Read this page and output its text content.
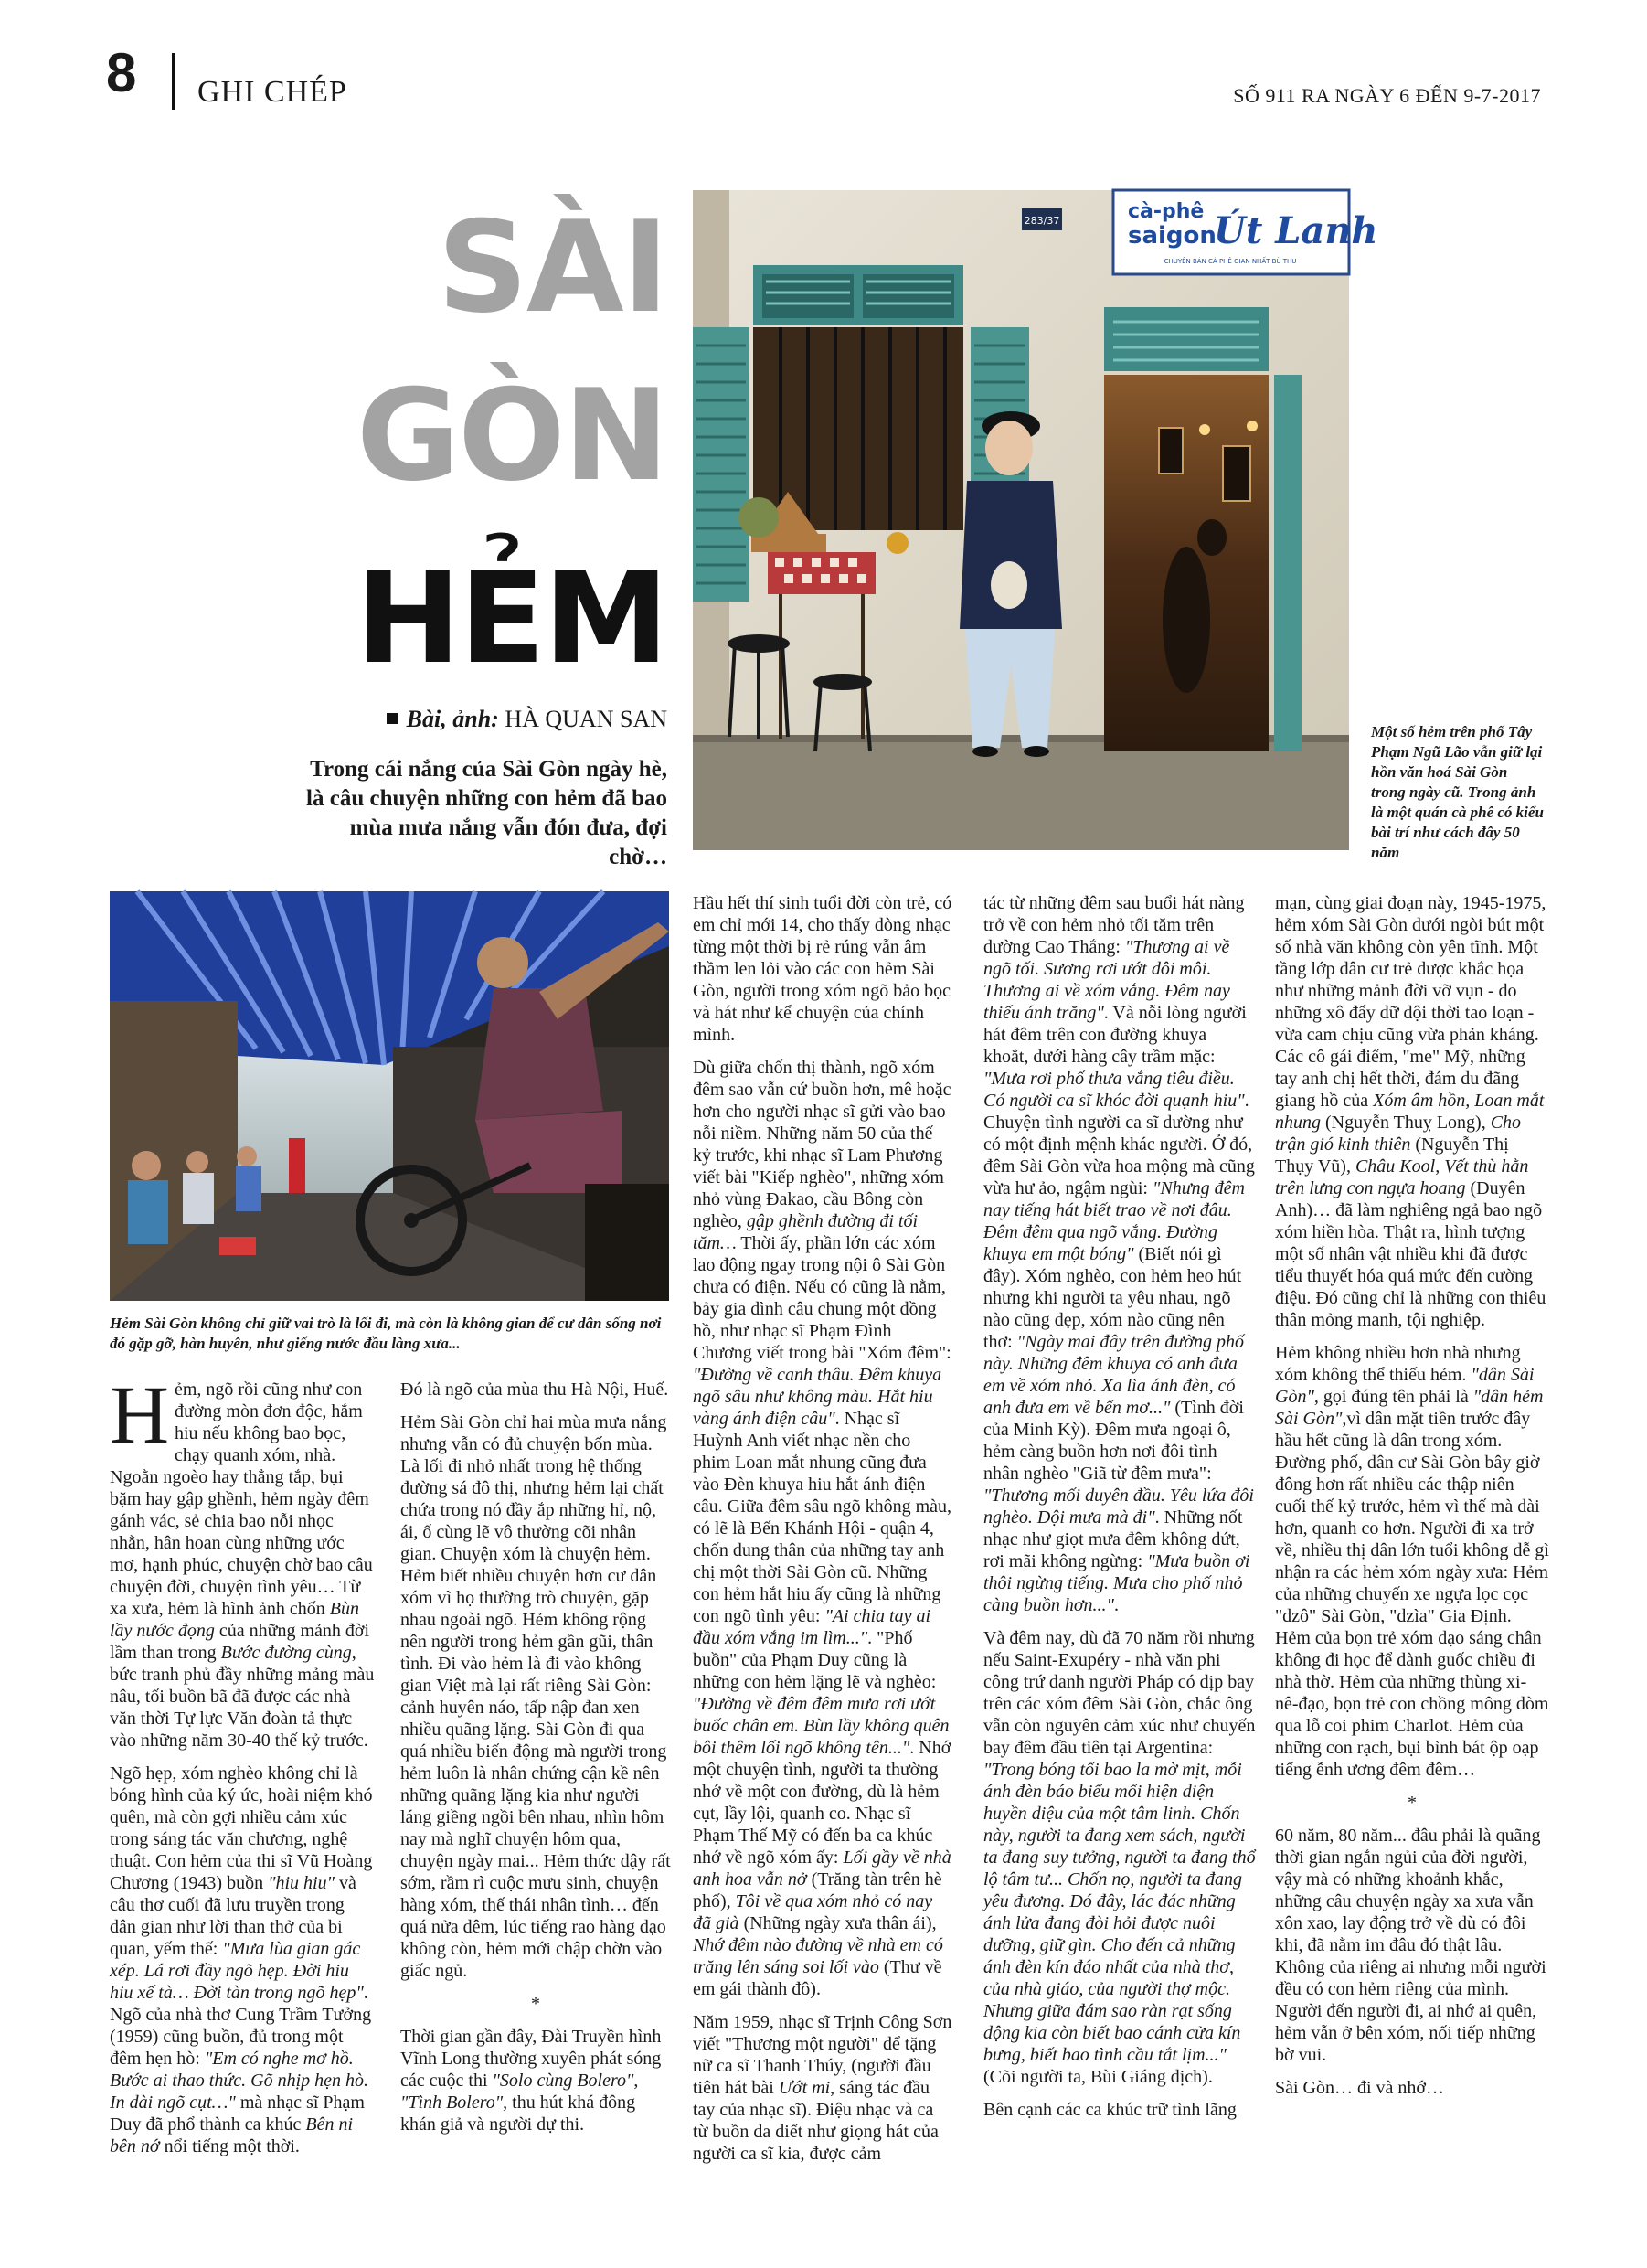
8 GHI CHÉP	SỐ 911 RA NGÀY 6 ĐẾN 9-7-2017
SÀI
GÒN
HẺM
Bài, ảnh: HÀ QUAN SAN
Trong cái nắng của Sài Gòn ngày hè, là câu chuyện những con hẻm đã bao mùa mưa nắng vẫn đón đưa, đợi chờ…
283/37	cà-phê
saigon
Út Lanh
CHUYÊN BÁN CÀ PHÊ GIAN NHẤT BÙ THU
Một số hẻm trên phố Tây Phạm Ngũ Lão vẫn giữ lại hồn văn hoá Sài Gòn trong ngày cũ. Trong ảnh là một quán cà phê có kiểu bài trí như cách đây 50 năm
Hẻm Sài Gòn không chỉ giữ vai trò là lối đi, mà còn là không gian để cư dân sống nơi đó gặp gỡ, hàn huyên, như giếng nước đầu làng xưa...

Hẻm, ngõ rồi cũng như con đường mòn đơn độc, hắm hiu nếu không bao bọc, chạy quanh xóm, nhà. Ngoằn ngoèo hay thẳng tắp, bụi bặm hay gập ghềnh, hẻm ngày đêm gánh vác, sẻ chia bao nỗi nhọc nhằn, hân hoan cùng những ước mơ, hạnh phúc, chuyện chờ bao câu chuyện đời, chuyện tình yêu… Từ xa xưa, hẻm là hình ảnh chốn Bùn lầy nước đọng của những mảnh đời lầm than trong Bước đường cùng, bức tranh phủ đầy những mảng màu nâu, tối buồn bã đã được các nhà văn thời Tự lực Văn đoàn tả thực vào những năm 30-40 thế kỷ trước.

Ngõ hẹp, xóm nghèo không chỉ là bóng hình của ký ức, hoài niệm khó quên, mà còn gợi nhiều cảm xúc trong sáng tác văn chương, nghệ thuật. Con hẻm của thi sĩ Vũ Hoàng Chương (1943) buồn "hiu hiu" và câu thơ cuối đã lưu truyền trong dân gian như lời than thở của bi quan, yếm thế: "Mưa lùa gian gác xép. Lá rơi đầy ngõ hẹp. Đời hiu hiu xế tà… Đời tàn trong ngõ hẹp". Ngõ của nhà thơ Cung Trầm Tưởng (1959) cũng buồn, đủ trong một đêm hẹn hò: "Em có nghe mơ hồ. Bước ai thao thức. Gõ nhịp hẹn hò. In dài ngõ cụt…" mà nhạc sĩ Phạm Duy đã phổ thành ca khúc Bên ni bên nớ nổi tiếng một thời.

Đó là ngõ của mùa thu Hà Nội, Huế.

Hẻm Sài Gòn chỉ hai mùa mưa nắng nhưng vẫn có đủ chuyện bốn mùa. Là lối đi nhỏ nhất trong hệ thống đường sá đô thị, nhưng hẻm lại chất chứa trong nó đầy ắp những hỉ, nộ, ái, ố cùng lẽ vô thường cõi nhân gian. Chuyện xóm là chuyện hẻm. Hẻm biết nhiều chuyện hơn cư dân xóm vì họ thường trò chuyện, gặp nhau ngoài ngõ. Hẻm không rộng nên người trong hẻm gần gũi, thân tình. Đi vào hẻm là đi vào không gian Việt mà lại rất riêng Sài Gòn: cảnh huyên náo, tấp nập đan xen nhiều quãng lặng. Sài Gòn đi qua quá nhiều biến động mà người trong hẻm luôn là nhân chứng cận kề nên những quãng lặng kia như người láng giềng ngồi bên nhau, nhìn hôm nay mà nghĩ chuyện hôm qua, chuyện ngày mai... Hẻm thức dậy rất sớm, rầm rì cuộc mưu sinh, chuyện hàng xóm, thế thái nhân tình… đến quá nửa đêm, lúc tiếng rao hàng dạo không còn, hẻm mới chập chờn vào giấc ngủ.

*

Thời gian gần đây, Đài Truyền hình Vĩnh Long thường xuyên phát sóng các cuộc thi "Solo cùng Bolero", "Tình Bolero", thu hút khá đông khán giả và người dự thi.

Hầu hết thí sinh tuổi đời còn trẻ, có em chỉ mới 14, cho thấy dòng nhạc từng một thời bị rẻ rúng vẫn âm thầm len lỏi vào các con hẻm Sài Gòn, người trong xóm ngõ bảo bọc và hát như kể chuyện của chính mình.

Dù giữa chốn thị thành, ngõ xóm đêm sao vẫn cứ buồn hơn, mê hoặc hơn cho người nhạc sĩ gửi vào bao nỗi niềm. Những năm 50 của thế kỷ trước, khi nhạc sĩ Lam Phương viết bài "Kiếp nghèo", những xóm nhỏ vùng Đakao, cầu Bông còn nghèo, gập ghềnh đường đi tối tăm… Thời ấy, phần lớn các xóm lao động ngay trong nội ô Sài Gòn chưa có điện. Nếu có cũng là nằm, bảy gia đình câu chung một đồng hồ, như nhạc sĩ Phạm Đình Chương viết trong bài "Xóm đêm": "Đường về canh thâu. Đêm khuya ngõ sâu như không màu. Hắt hiu vàng ánh điện câu". Nhạc sĩ Huỳnh Anh viết nhạc nền cho phim Loan mắt nhung cũng đưa vào Đèn khuya hiu hắt ánh điện câu. Giữa đêm sâu ngõ không màu, có lẽ là Bến Khánh Hội - quận 4, chốn dung thân của những tay anh chị một thời Sài Gòn cũ. Những con hẻm hắt hiu ấy cũng là những con ngõ tình yêu: "Ai chia tay ai đầu xóm vắng im lìm...". "Phố buồn" của Phạm Duy cũng là những con hẻm lặng lẽ và nghèo: "Đường về đêm đêm mưa rơi ướt buốc chân em. Bùn lầy không quên bôi thêm lối ngõ không tên...". Nhớ một chuyện tình, người ta thường nhớ về một con đường, dù là hẻm cụt, lầy lội, quanh co. Nhạc sĩ Phạm Thế Mỹ có đến ba ca khúc nhớ về ngõ xóm ấy: Lối gầy về nhà anh hoa vẫn nở (Trăng tàn trên hè phố), Tôi về qua xóm nhỏ có nay đã già (Những ngày xưa thân ái), Nhớ đêm nào đường về nhà em có trăng lên sáng soi lối vào (Thư về em gái thành đô).

Năm 1959, nhạc sĩ Trịnh Công Sơn viết "Thương một người" để tặng nữ ca sĩ Thanh Thúy, (người đầu tiên hát bài Ướt mi, sáng tác đầu tay của nhạc sĩ). Điệu nhạc và ca từ buồn da diết như giọng hát của người ca sĩ kia, được cảm

tác từ những đêm sau buổi hát nàng trở về con hẻm nhỏ tối tăm trên đường Cao Thắng: "Thương ai về ngõ tối. Sương rơi ướt đôi môi. Thương ai về xóm vắng. Đêm nay thiếu ánh trăng". Và nỗi lòng người hát đêm trên con đường khuya khoắt, dưới hàng cây trầm mặc: "Mưa rơi phố thưa vắng tiêu điều. Có người ca sĩ khóc đời quạnh hiu". Chuyện tình người ca sĩ dường như có một định mệnh khác người. Ở đó, đêm Sài Gòn vừa hoa mộng mà cũng vừa hư ảo, ngậm ngùi: "Nhưng đêm nay tiếng hát biết trao về nơi đâu. Đêm đêm qua ngõ vắng. Đường khuya em một bóng" (Biết nói gì đây). Xóm nghèo, con hẻm heo hút nhưng khi người ta yêu nhau, ngõ nào cũng đẹp, xóm nào cũng nên thơ: "Ngày mai đây trên đường phố này. Những đêm khuya có anh đưa em về xóm nhỏ. Xa lìa ánh đèn, có anh đưa em về bến mơ..." (Tình đời của Minh Kỳ). Đêm mưa ngoại ô, hẻm càng buồn hơn nơi đôi tình nhân nghèo "Giã từ đêm mưa": "Thương mối duyên đầu. Yêu lứa đôi nghèo. Đội mưa mà đi". Những nốt nhạc như giọt mưa đêm không dứt, rơi mãi không ngừng: "Mưa buồn ơi thôi ngừng tiếng. Mưa cho phố nhỏ càng buồn hơn...".

Và đêm nay, dù đã 70 năm rồi nhưng nếu Saint-Exupéry - nhà văn phi công trứ danh người Pháp có dịp bay trên các xóm đêm Sài Gòn, chắc ông vẫn còn nguyên cảm xúc như chuyến bay đêm đầu tiên tại Argentina: "Trong bóng tối bao la mờ mịt, mỗi ánh đèn báo biểu mối hiện diện huyền diệu của một tâm linh. Chốn này, người ta đang xem sách, người ta đang suy tưởng, người ta đang thổ lộ tâm tư... Chốn nọ, người ta đang yêu đương. Đó đây, lác đác những ánh lửa đang đòi hỏi được nuôi dưỡng, giữ gìn. Cho đến cả những ánh đèn kín đáo nhất của nhà thơ, của nhà giáo, của người thợ mộc. Nhưng giữa đám sao ràn rạt sống động kia còn biết bao cánh cửa kín bưng, biết bao tình cầu tắt lịm..." (Cõi người ta, Bùi Giáng dịch).

Bên cạnh các ca khúc trữ tình lãng

mạn, cùng giai đoạn này, 1945-1975, hẻm xóm Sài Gòn dưới ngòi bút một số nhà văn không còn yên tĩnh. Một tầng lớp dân cư trẻ được khắc họa như những mảnh đời vỡ vụn - do những xô đẩy dữ dội thời tao loạn - vừa cam chịu cũng vừa phản kháng. Các cô gái điếm, "me" Mỹ, những tay anh chị hết thời, đám du đãng giang hồ của Xóm âm hồn, Loan mắt nhung (Nguyễn Thuỵ Long), Cho trận gió kinh thiên (Nguyễn Thị Thụy Vũ), Châu Kool, Vết thù hằn trên lưng con ngựa hoang (Duyên Anh)… đã làm nghiêng ngả bao ngõ xóm hiền hòa. Thật ra, hình tượng một số nhân vật nhiều khi đã được tiểu thuyết hóa quá mức đến cường điệu. Đó cũng chỉ là những con thiêu thân mỏng manh, tội nghiệp.

Hẻm không nhiều hơn nhà nhưng xóm không thể thiếu hẻm. "dân Sài Gòn", gọi đúng tên phải là "dân hẻm Sài Gòn",vì dân mặt tiền trước đây hầu hết cũng là dân trong xóm. Đường phố, dân cư Sài Gòn bây giờ đông hơn rất nhiều các thập niên cuối thế kỷ trước, hẻm vì thế mà dài hơn, quanh co hơn. Người đi xa trở về, nhiều thị dân lớn tuổi không dễ gì nhận ra các hẻm xóm ngày xưa: Hẻm của những chuyến xe ngựa lọc cọc "dzô" Sài Gòn, "dzìa" Gia Định. Hẻm của bọn trẻ xóm dạo sáng chân không đi học để dành guốc chiều đi nhà thờ. Hẻm của những thùng xi-nê-đạo, bọn trẻ con chồng mông dòm qua lỗ coi phim Charlot. Hẻm của những con rạch, bụi bình bát ộp oạp tiếng ễnh ương đêm đêm…

*

60 năm, 80 năm... đâu phải là quãng thời gian ngắn ngủi của đời người, vậy mà có những khoảnh khắc, những câu chuyện ngày xa xưa vẫn xôn xao, lay động trở về dù có đôi khi, đã nằm im đâu đó thật lâu. Không của riêng ai nhưng mỗi người đều có con hẻm riêng của mình. Người đến người đi, ai nhớ ai quên, hẻm vẫn ở bên xóm, nối tiếp những bờ vui.

Sài Gòn… đi và nhớ…
